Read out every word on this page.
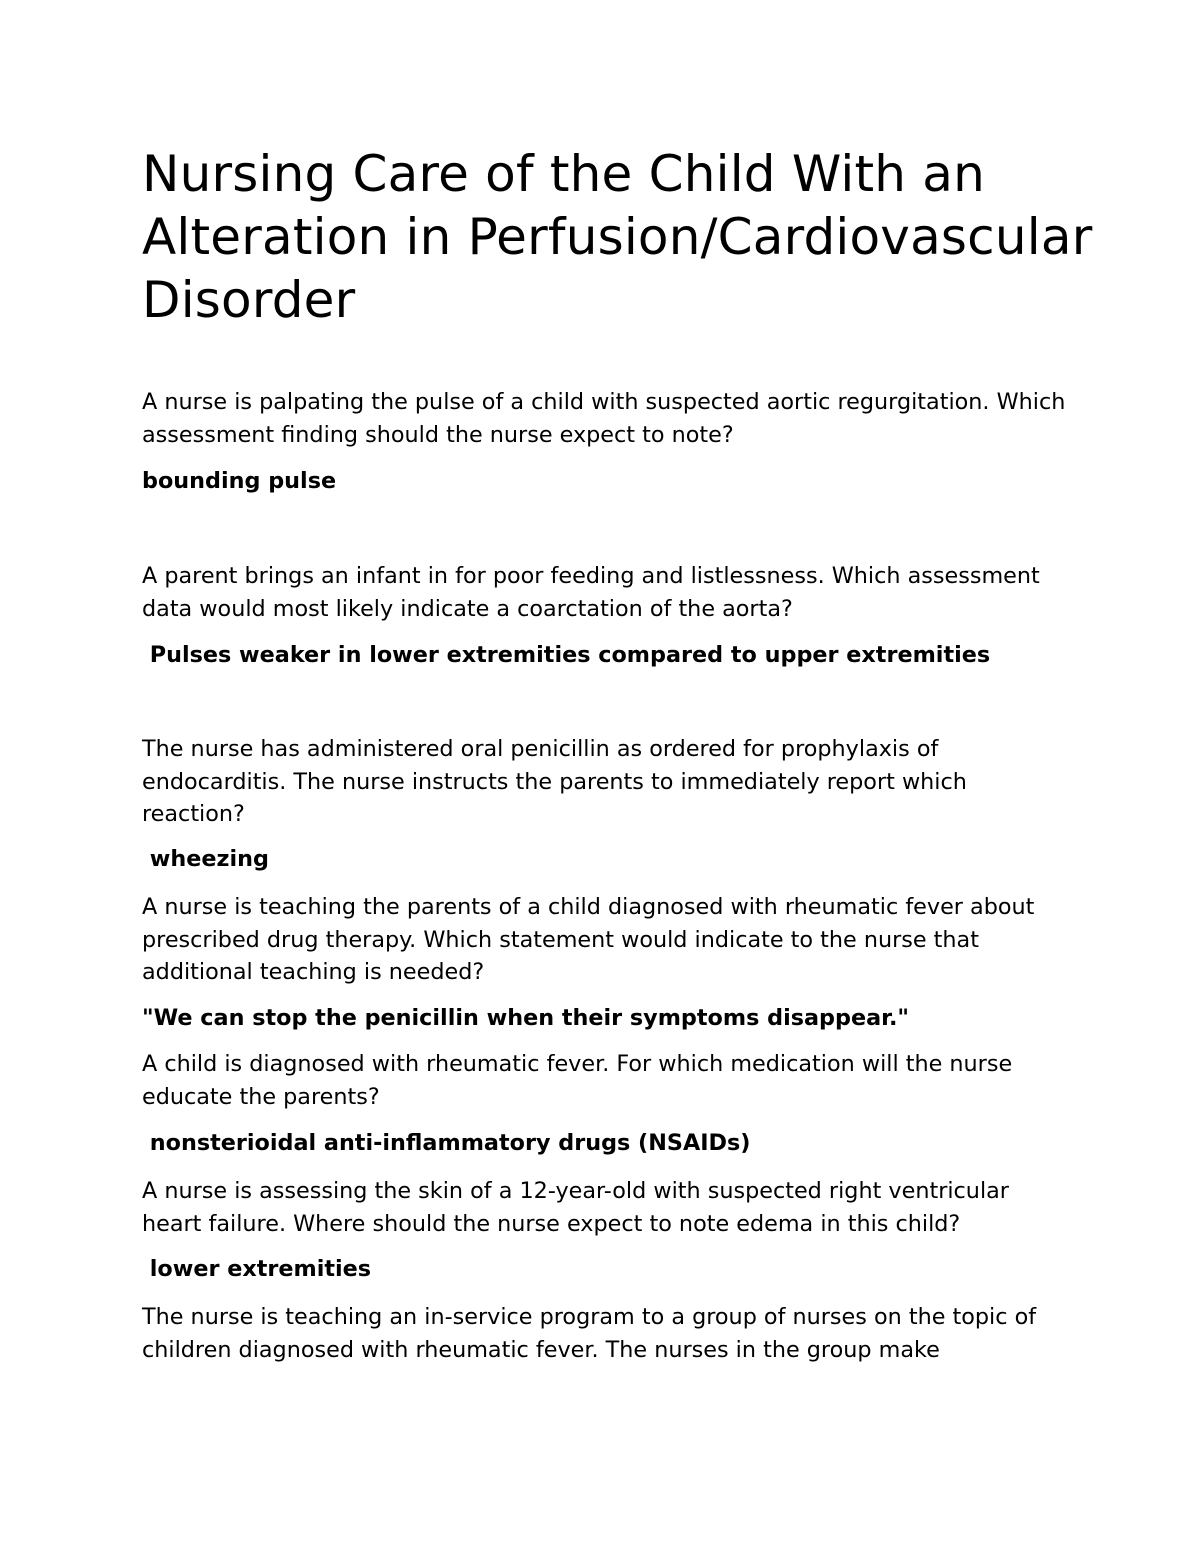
Nursing Care of the Child With an Alteration in Perfusion/Cardiovascular Disorder

A nurse is palpating the pulse of a child with suspected aortic regurgitation. Which assessment finding should the nurse expect to note?

bounding pulse

A parent brings an infant in for poor feeding and listlessness. Which assessment data would most likely indicate a coarctation of the aorta?

Pulses weaker in lower extremities compared to upper extremities

The nurse has administered oral penicillin as ordered for prophylaxis of endocarditis. The nurse instructs the parents to immediately report which reaction?

wheezing

A nurse is teaching the parents of a child diagnosed with rheumatic fever about prescribed drug therapy. Which statement would indicate to the nurse that additional teaching is needed?

"We can stop the penicillin when their symptoms disappear."

A child is diagnosed with rheumatic fever. For which medication will the nurse educate the parents?

nonsterioidal anti-inflammatory drugs (NSAIDs)

A nurse is assessing the skin of a 12-year-old with suspected right ventricular heart failure. Where should the nurse expect to note edema in this child?

lower extremities

The nurse is teaching an in-service program to a group of nurses on the topic of children diagnosed with rheumatic fever. The nurses in the group make
